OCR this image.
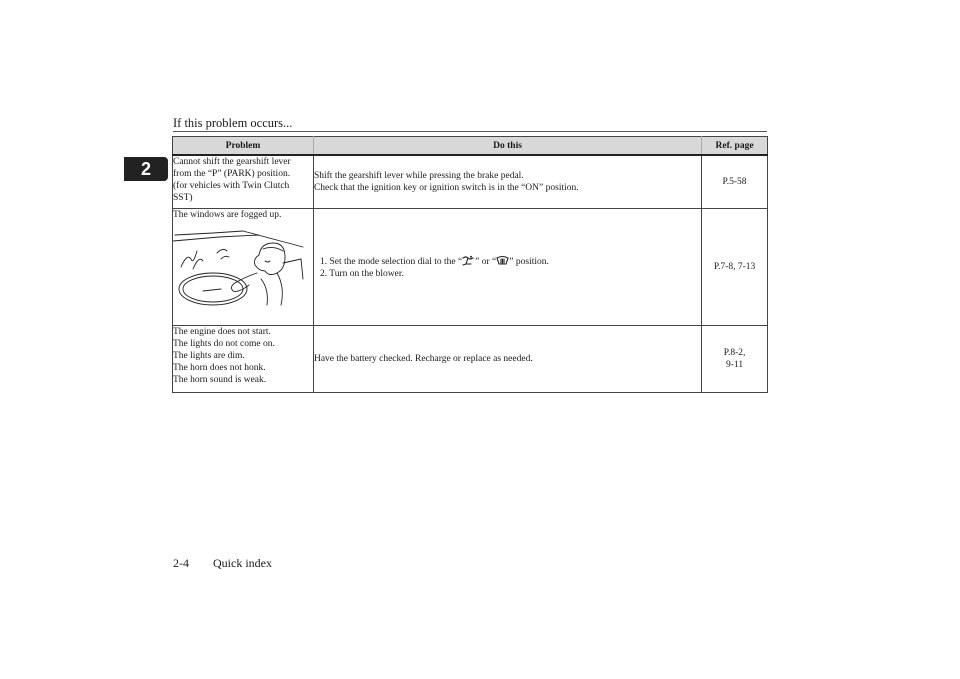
If this problem occurs...
2
Problem	Do this	Ref. page

Cannot shift the gearshift lever
from the “P” (PARK) position.
(for vehicles with Twin Clutch
SST)	Shift the gearshift lever while pressing the brake pedal.
Check that the ignition key or ignition switch is in the “ON” position.	P.5-58

The windows are fogged up.	1. Set the mode selection dial to the “ ” or “ ” position.
2. Turn on the blower.	P.7-8, 7-13

The engine does not start.
The lights do not come on.
The lights are dim.
The horn does not honk.
The horn sound is weak.	Have the battery checked. Recharge or replace as needed.	P.8-2,
9-11
2-4 Quick index
